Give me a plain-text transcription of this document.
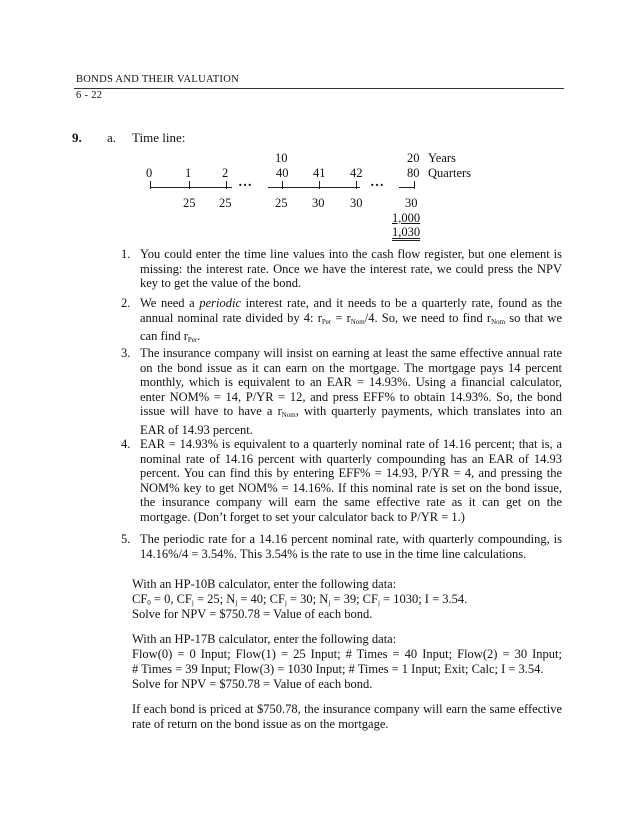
BONDS AND THEIR VALUATION
6 - 22
9. a. Time line:
10	20 Years
0	1 2	40 41 42	80 Quarters
…	…
25 25	25 30 30	30
1,000
1,030
1. You could enter the time line values into the cash flow register, but one element is missing: the interest rate. Once we have the interest rate, we could press the NPV key to get the value of the bond.
2. We need a periodic interest rate, and it needs to be a quarterly rate, found as the annual nominal rate divided by 4: $r_{Per} = r_{Nom}/4$. So, we need to find $r_{Nom}$ so that we can find $r_{Per}$.
3. The insurance company will insist on earning at least the same effective annual rate on the bond issue as it can earn on the mortgage. The mortgage pays 14 percent monthly, which is equivalent to an EAR = 14.93%. Using a financial calculator, enter NOM% = 14, P/YR = 12, and press EFF% to obtain 14.93%. So, the bond issue will have to have a $r_{Nom}$, with quarterly payments, which translates into an EAR of 14.93 percent.
4. EAR = 14.93% is equivalent to a quarterly nominal rate of 14.16 percent; that is, a nominal rate of 14.16 percent with quarterly compounding has an EAR of 14.93 percent. You can find this by entering EFF% = 14.93, P/YR = 4, and pressing the NOM% key to get NOM% = 14.16%. If this nominal rate is set on the bond issue, the insurance company will earn the same effective rate as it can get on the mortgage. (Don’t forget to set your calculator back to P/YR = 1.)
5. The periodic rate for a 14.16 percent nominal rate, with quarterly compounding, is 14.16%/4 = 3.54%. This 3.54% is the rate to use in the time line calculations.
With an HP-10B calculator, enter the following data:
$CF_0 = 0$, $CF_j = 25$; $N_j = 40$; $CF_j = 30$; $N_j = 39$; $CF_j = 1030$; I = 3.54.
Solve for NPV = $750.78 = Value of each bond.
With an HP-17B calculator, enter the following data:
Flow(0) = 0 Input; Flow(1) = 25 Input; # Times = 40 Input; Flow(2) = 30 Input;
# Times = 39 Input; Flow(3) = 1030 Input; # Times = 1 Input; Exit; Calc; I = 3.54.
Solve for NPV = $750.78 = Value of each bond.
If each bond is priced at $750.78, the insurance company will earn the same effective rate of return on the bond issue as on the mortgage.
